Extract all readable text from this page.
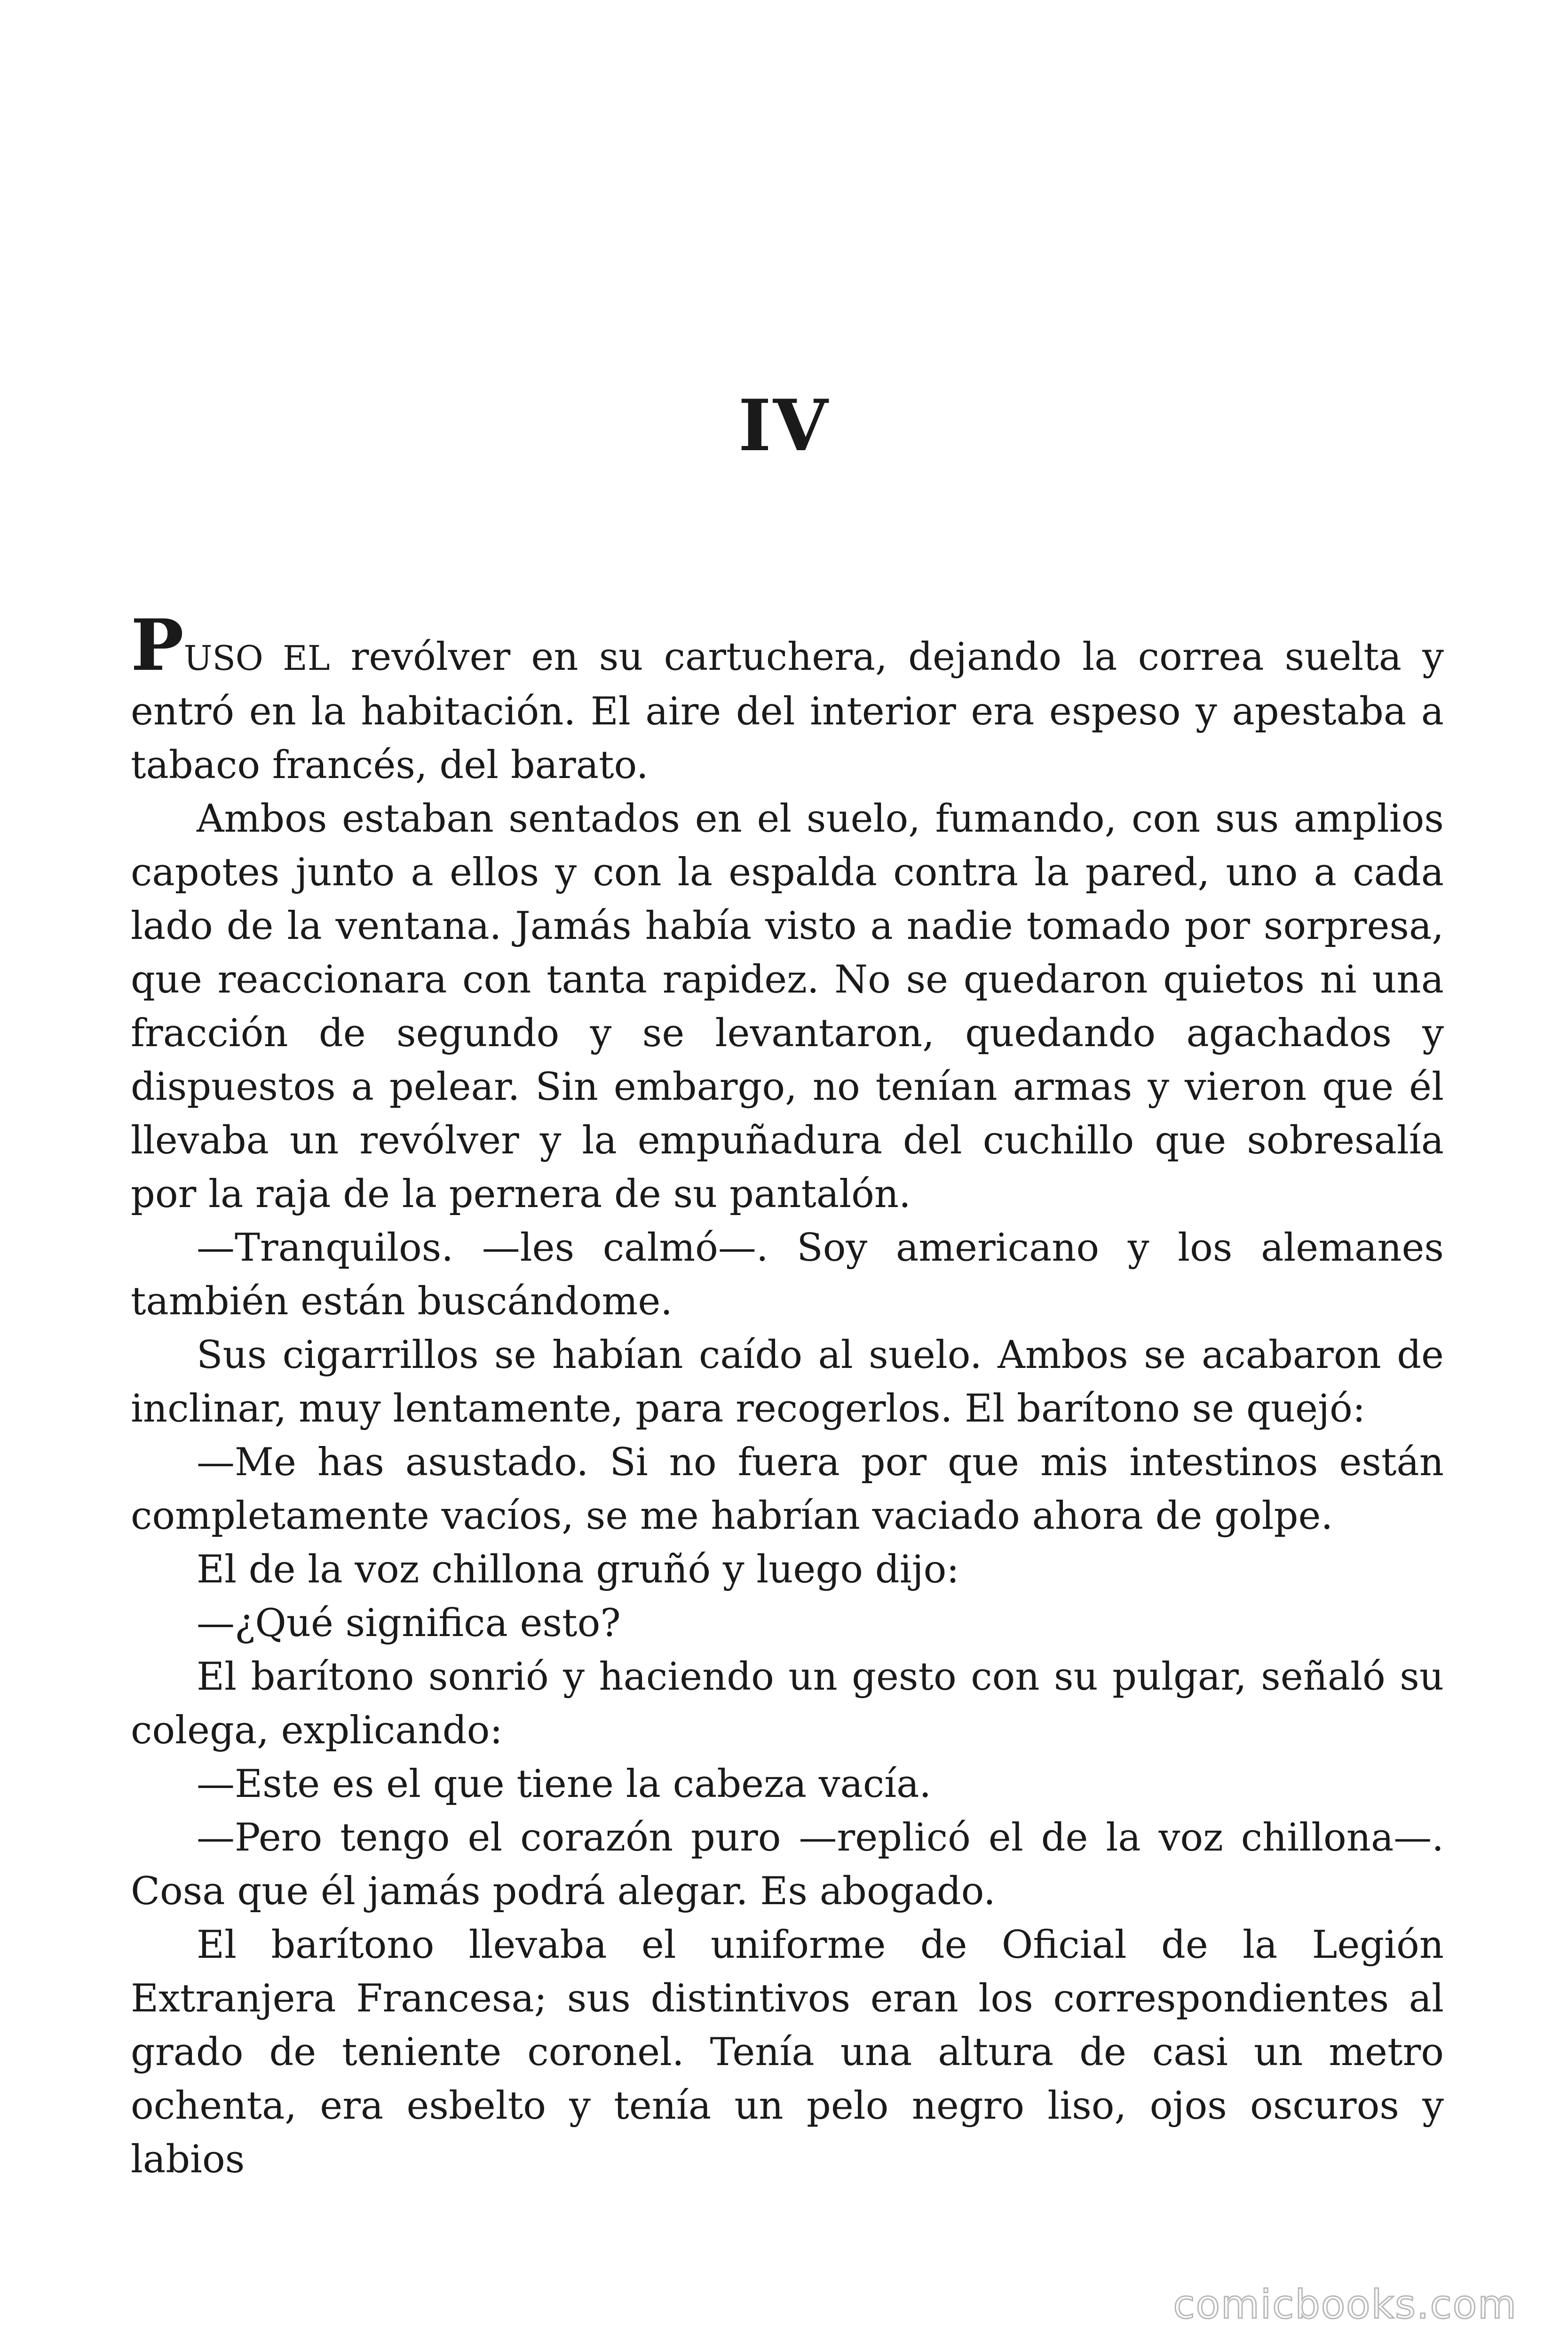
IV

PUSO EL revólver en su cartuchera, dejando la correa suelta y entró en la habitación. El aire del interior era espeso y apestaba a tabaco francés, del barato.

Ambos estaban sentados en el suelo, fumando, con sus amplios capotes junto a ellos y con la espalda contra la pared, uno a cada lado de la ventana. Jamás había visto a nadie tomado por sorpresa, que reaccionara con tanta rapidez. No se quedaron quietos ni una fracción de segundo y se levantaron, quedando agachados y dispuestos a pelear. Sin embargo, no tenían armas y vieron que él llevaba un revólver y la empuñadura del cuchillo que sobresalía por la raja de la pernera de su pantalón.

—Tranquilos. —les calmó—. Soy americano y los alemanes también están buscándome.

Sus cigarrillos se habían caído al suelo. Ambos se acabaron de inclinar, muy lentamente, para recogerlos. El barítono se quejó:

—Me has asustado. Si no fuera por que mis intestinos están completamente vacíos, se me habrían vaciado ahora de golpe.

El de la voz chillona gruñó y luego dijo:

—¿Qué significa esto?

El barítono sonrió y haciendo un gesto con su pulgar, señaló su colega, explicando:

—Este es el que tiene la cabeza vacía.

—Pero tengo el corazón puro —replicó el de la voz chillona—. Cosa que él jamás podrá alegar. Es abogado.

El barítono llevaba el uniforme de Oficial de la Legión Extranjera Francesa; sus distintivos eran los correspondientes al grado de teniente coronel. Tenía una altura de casi un metro ochenta, era esbelto y tenía un pelo negro liso, ojos oscuros y labios

comicbooks.com
